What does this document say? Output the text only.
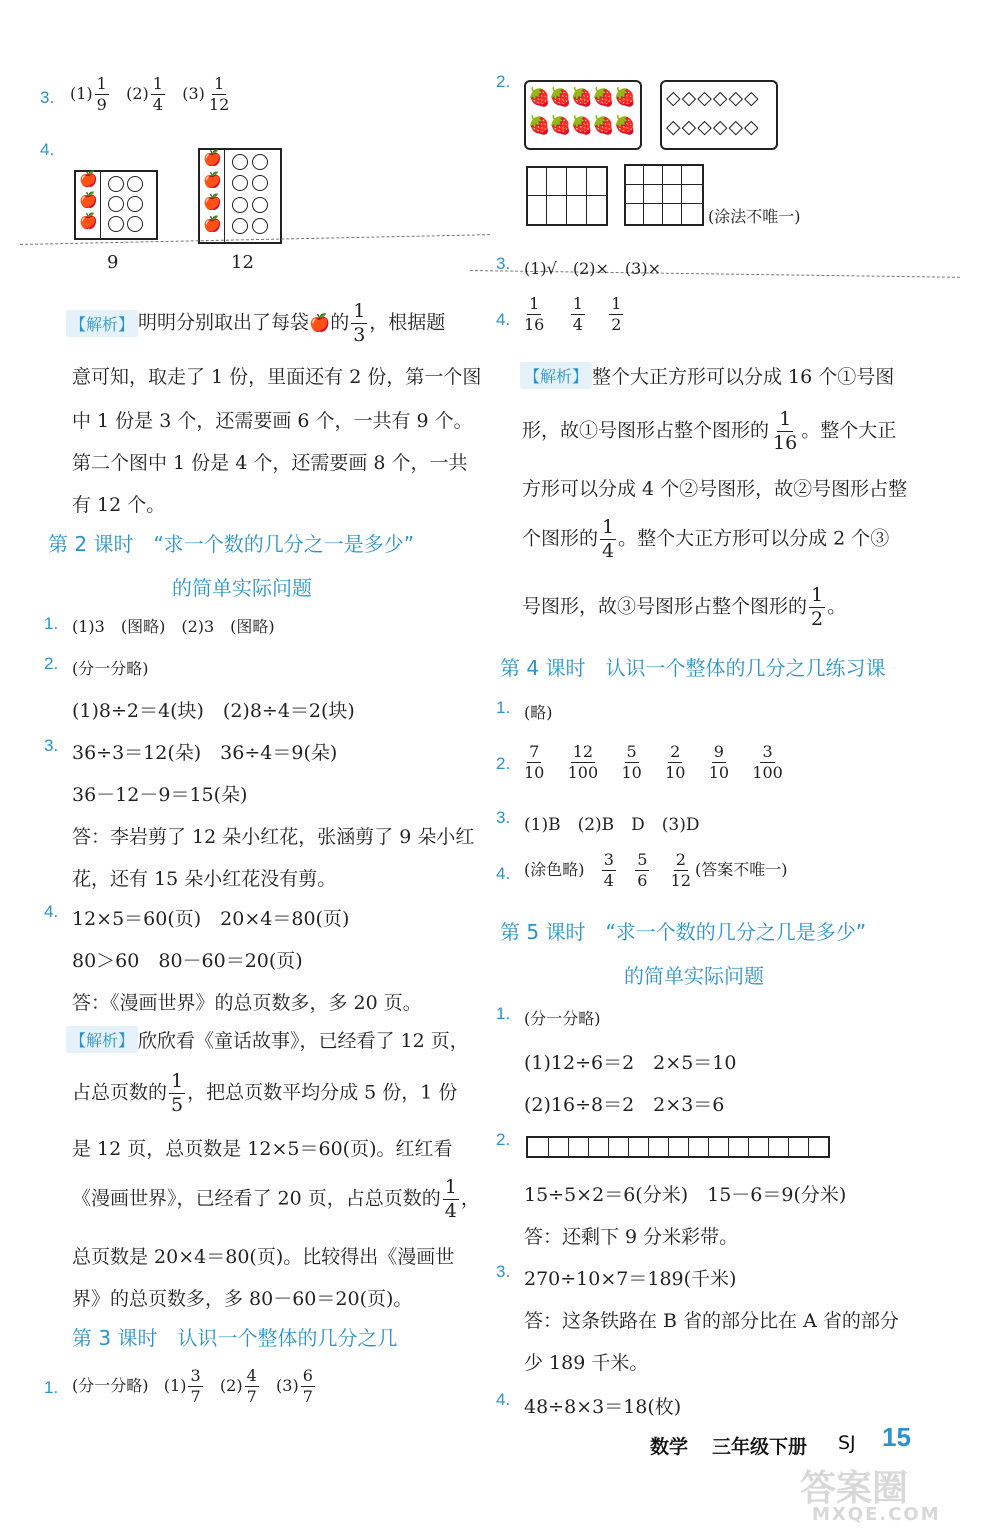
3. $(1) \frac{1}{9} (2) \frac{1}{4} (3) \frac{1}{12}$
4.
🍎
🍎
🍎
9
🍎
🍎
🍎
🍎
12
【解析】 明明分别取出了每袋🍎的 $\frac{1}{3}$ ，根据题
意可知，取走了 1 份，里面还有 2 份，第一个图
中 1 份是 3 个，还需要画 6 个，一共有 9 个。
第二个图中 1 份是 4 个，还需要画 8 个，一共
有 12 个。
第 2 课时　“求一个数的几分之一是多少”
的简单实际问题
1. (1)3　(图略)　(2)3　(图略)
2. (分一分略)
(1)8÷2＝4(块)　(2)8÷4＝2(块)
3. 36÷3＝12(朵)　36÷4＝9(朵)
36－12－9＝15(朵)
答：李岩剪了 12 朵小红花，张涵剪了 9 朵小红
花，还有 15 朵小红花没有剪。
4. 12×5＝60(页)　20×4＝80(页)
80＞60　80－60＝20(页)
答：《漫画世界》的总页数多，多 20 页。
【解析】 欣欣看《童话故事》，已经看了 12 页，
占总页数的 $\frac{1}{5}$ ，把总页数平均分成 5 份，1 份
是 12 页，总页数是 12×5＝60(页)。红红看
《漫画世界》，已经看了 20 页，占总页数的 $\frac{1}{4}$ ，
总页数是 20×4＝80(页)。比较得出《漫画世
界》的总页数多，多 80－60＝20(页)。
第 3 课时　认识一个整体的几分之几
1. (分一分略) $(1) \frac{3}{7} (2) \frac{4}{7} (3) \frac{6}{7}$
2.
🍓🍓🍓🍓🍓
🍓🍓🍓🍓🍓
◇◇◇◇◇◇
◇◇◇◇◇◇
(涂法不唯一)
3. (1)√　(2)×　(3)×
4. $\frac{1}{16}$
$\frac{1}{4}$
$\frac{1}{2}$
【解析】 整个大正方形可以分成 16 个①号图
形，故①号图形占整个图形的 $\frac{1}{16}$ 。整个大正
方形可以分成 4 个②号图形，故②号图形占整
个图形的 $\frac{1}{4}$ 。整个大正方形可以分成 2 个③
号图形，故③号图形占整个图形的 $\frac{1}{2}$ 。
第 4 课时　认识一个整体的几分之几练习课
1. (略)
2. $\frac{7}{10}$
$\frac{12}{100}$
$\frac{5}{10}$
$\frac{2}{10}$
$\frac{9}{10}$
$\frac{3}{100}$
3. (1)B　(2)B　D　(3)D
4. (涂色略) $\frac{3}{4}$
$\frac{5}{6}$
$\frac{2}{12}$ (答案不唯一)
第 5 课时　“求一个数的几分之几是多少”
的简单实际问题
1. (分一分略)
(1)12÷6＝2　2×5＝10
(2)16÷8＝2　2×3＝6
2.
15÷5×2＝6(分米)　15－6＝9(分米)
答：还剩下 9 分米彩带。
3. 270÷10×7＝189(千米)
答：这条铁路在 B 省的部分比在 A 省的部分
少 189 千米。
4. 48÷8×3＝18(枚)
数学 三年级下册 SJ 15
答案圈
MXQE.COM
